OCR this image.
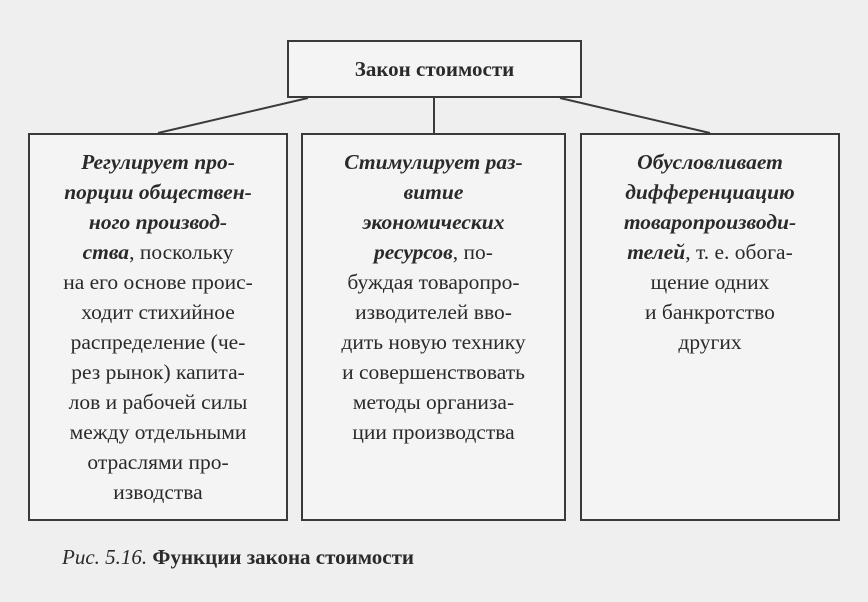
Закон стоимости
Регулирует про-
порции обществен-
ного производ-
ства, поскольку
на его основе проис-
ходит стихийное
распределение (че-
рез рынок) капита-
лов и рабочей силы
между отдельными
отраслями про-
изводства
Стимулирует раз-
витие
экономических
ресурсов, по-
буждая товаропро-
изводителей вво-
дить новую технику
и совершенствовать
методы организа-
ции производства
Обусловливает
дифференциацию
товаропроизводи-
телей, т. е. обога-
щение одних
и банкротство
других
Рис. 5.16. Функции закона стоимости
